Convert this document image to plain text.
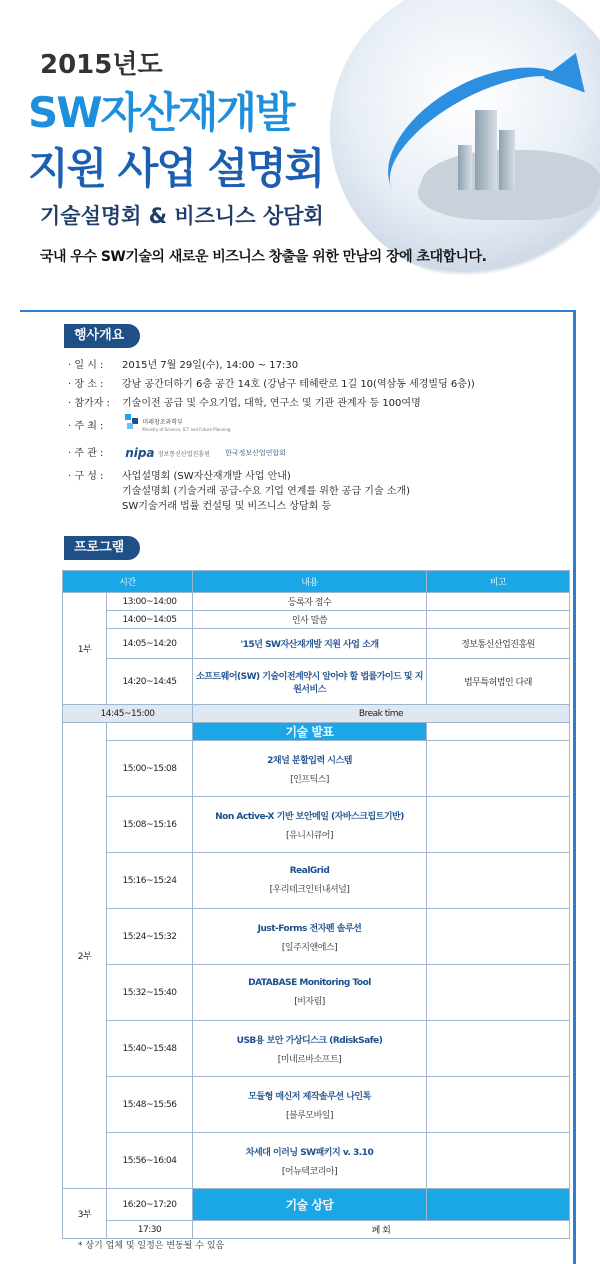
2015년도
SW자산재개발
지원 사업 설명회
기술설명회 & 비즈니스 상담회
국내 우수 SW기술의 새로운 비즈니스 창출을 위한 만남의 장에 초대합니다.
행사개요
· 일 시 : 2015년 7월 29일(수), 14:00 ~ 17:30
· 장 소 : 강남 공간더하기 6층 공간 14호 (강남구 테헤란로 1길 10(역삼동 세경빌딩 6층))
· 참가자 : 기술이전 공급 및 수요기업, 대학, 연구소 및 기관 관계자 등 100여명
· 주 최 :	미래창조과학부
Ministry of Science, ICT and Future Planning
· 주 관 : nipa 정보통신산업진흥원 한국정보산업연합회
· 구 성 : 사업설명회 (SW자산재개발 사업 안내)
기술설명회 (기술거래 공급-수요 기업 연계를 위한 공급 기술 소개)
SW기술거래 법률 컨설팅 및 비즈니스 상담회 등
프로그램
시간		내용	비고
1부	13:00~14:00	등록자 접수	
	14:00~14:05	인사 말씀	
	14:05~14:20	'15년 SW자산재개발 지원 사업 소개	정보통신산업진흥원
	14:20~14:45	소프트웨어(SW) 기술이전계약시 알아야 할 법률가이드 및 지원서비스	법무특허법인 다래
14:45~15:00		Break time	
2부		기술 발표	
	15:00~15:08	2채널 분할입력 시스템
[인프틱스]	

	15:08~15:16	Non Active-X 기반 보안메일 (자바스크립트기반)
[유니시큐어]	

	15:16~15:24	RealGrid
[우리테크인터내셔널]	

	15:24~15:32	Just-Forms 전자펜 솔루션
[일주지앤에스]	

	15:32~15:40	DATABASE Monitoring Tool
[비자림]	

	15:40~15:48	USB용 보안 가상디스크 (RdiskSafe)
[미네르바소프트]	

	15:48~15:56	모듈형 매신저 제작솔루션 나인톡
[블루모바일]	

	15:56~16:04	차세대 이러닝 SW패키지 v. 3.10
[어뉴텍코리아]	

3부	16:20~17:20	기술 상담	
	17:30	폐 회	
* 상기 업체 및 일정은 변동될 수 있음
